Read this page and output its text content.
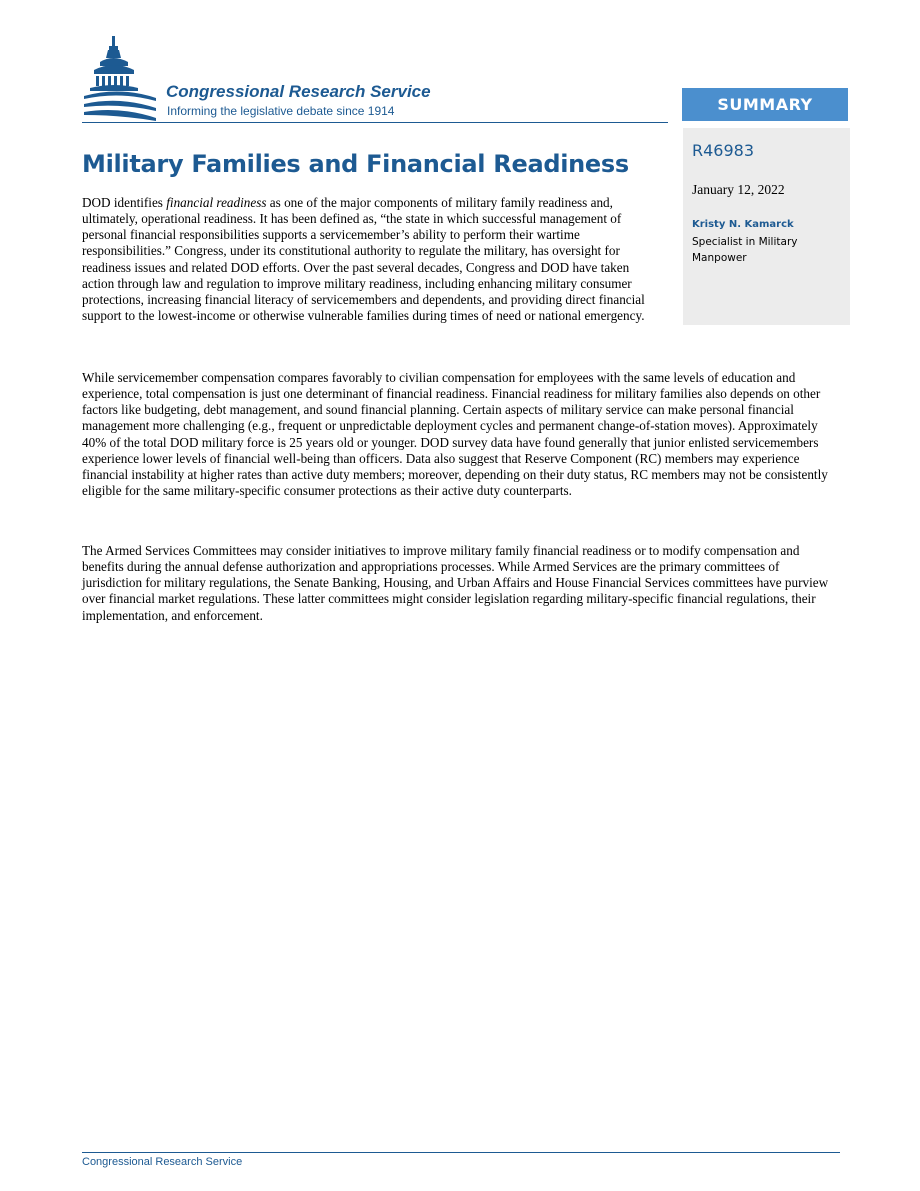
Congressional Research Service
Informing the legislative debate since 1914	SUMMARY
R46983
January 12, 2022
Kristy N. Kamarck
Specialist in Military Manpower
Military Families and Financial Readiness

DOD identifies financial readiness as one of the major components of military family readiness and, ultimately, operational readiness. It has been defined as, “the state in which successful management of personal financial responsibilities supports a servicemember’s ability to perform their wartime responsibilities.” Congress, under its constitutional authority to regulate the military, has oversight for readiness issues and related DOD efforts. Over the past several decades, Congress and DOD have taken action through law and regulation to improve military readiness, including enhancing military consumer protections, increasing financial literacy of servicemembers and dependents, and providing direct financial support to the lowest-income or otherwise vulnerable families during times of need or national emergency.

While servicemember compensation compares favorably to civilian compensation for employees with the same levels of education and experience, total compensation is just one determinant of financial readiness. Financial readiness for military families also depends on other factors like budgeting, debt management, and sound financial planning. Certain aspects of military service can make personal financial management more challenging (e.g., frequent or unpredictable deployment cycles and permanent change-of-station moves). Approximately 40% of the total DOD military force is 25 years old or younger. DOD survey data have found generally that junior enlisted servicemembers experience lower levels of financial well-being than officers. Data also suggest that Reserve Component (RC) members may experience financial instability at higher rates than active duty members; moreover, depending on their duty status, RC members may not be consistently eligible for the same military-specific consumer protections as their active duty counterparts.

The Armed Services Committees may consider initiatives to improve military family financial readiness or to modify compensation and benefits during the annual defense authorization and appropriations processes. While Armed Services are the primary committees of jurisdiction for military regulations, the Senate Banking, Housing, and Urban Affairs and House Financial Services committees have purview over financial market regulations. These latter committees might consider legislation regarding military-specific financial regulations, their implementation, and enforcement.

Congressional Research Service
